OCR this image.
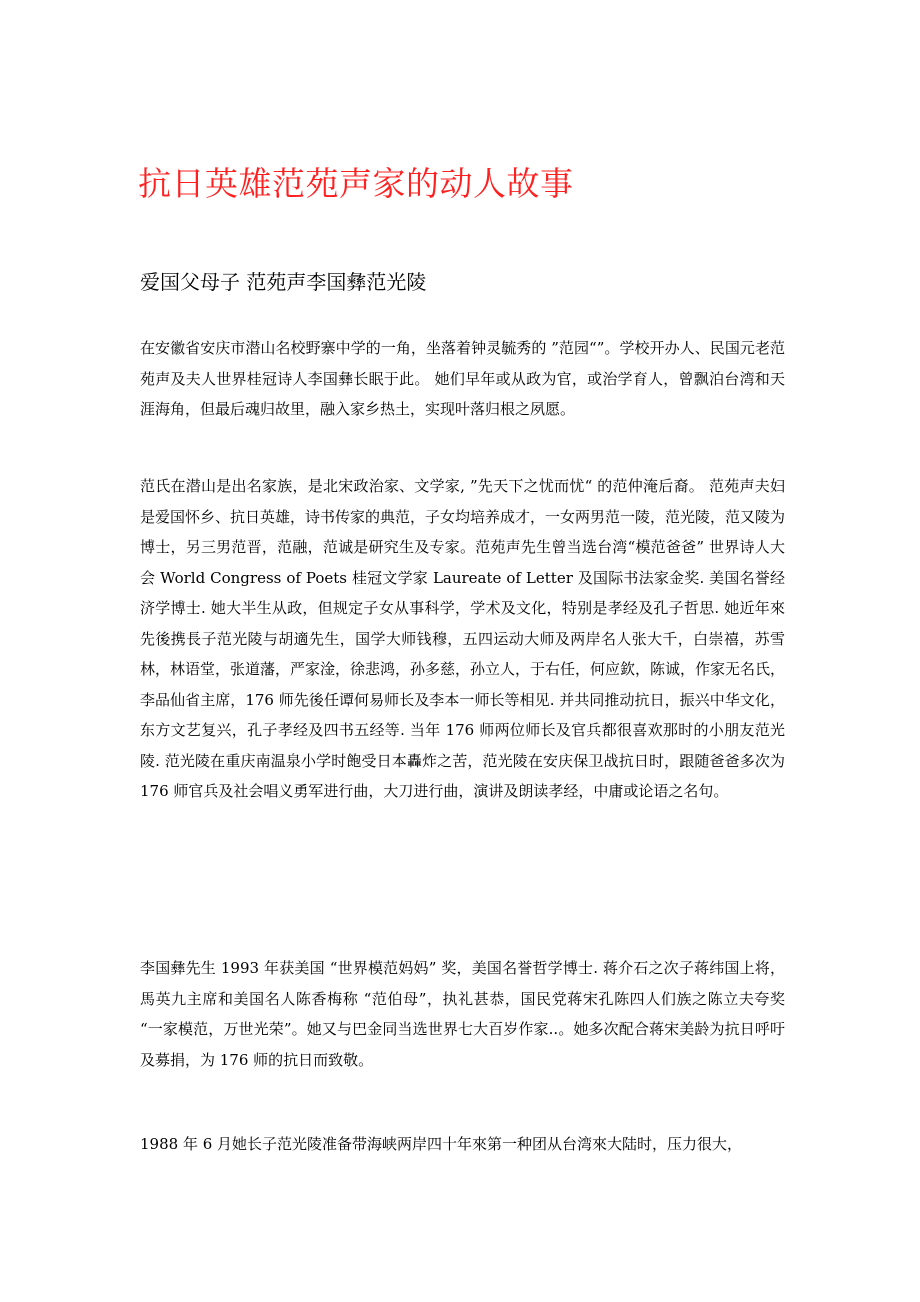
抗日英雄范苑声家的动人故事
爱国父母子 范苑声李国彝范光陵

在安徽省安庆市潜山名校野寨中学的一角，坐落着钟灵毓秀的 ”范园“”。学校开办人、民国元老范苑声及夫人世界桂冠诗人李国彝长眠于此。 她们早年或从政为官，或治学育人，曾飘泊台湾和天涯海角，但最后魂归故里，融入家乡热土，实现叶落归根之夙愿。

范氏在潜山是出名家族，是北宋政治家、文学家, ”先天下之忧而忧“ 的范仲淹后裔。 范苑声夫妇是爱国怀乡、抗日英雄，诗书传家的典范，子女均培养成才，一女两男范一陵，范光陵，范又陵为博士，另三男范晋，范融，范诚是研究生及专家。范苑声先生曾当选台湾“模范爸爸” 世界诗人大会 World Congress of Poets 桂冠文学家 Laureate of Letter 及国际书法家金奖. 美国名誉经济学博士. 她大半生从政，但规定子女从事科学，学术及文化，特别是孝经及孔子哲思. 她近年來先後携長子范光陵与胡適先生，国学大师钱穆，五四运动大师及两岸名人张大千，白崇禧，苏雪林，林语堂，张道藩，严家淦，徐悲鸿，孙多慈，孙立人，于右任，何应欽，陈诚，作家无名氏，李品仙省主席，176 师先後任谭何易师长及李本一师长等相见. 并共同推动抗日，振兴中华文化，东方文艺复兴，孔子孝经及四书五经等. 当年 176 师两位师长及官兵都很喜欢那时的小朋友范光陵. 范光陵在重庆南温泉小学时飽受日本轟炸之苦，范光陵在安庆保卫战抗日时，跟随爸爸多次为 176 师官兵及社会唱义勇军进行曲，大刀进行曲，演讲及朗读孝经，中庸或论语之名句。

李国彝先生 1993 年获美国 “世界模范妈妈” 奖，美国名誉哲学博士. 蒋介石之次子蒋纬国上将，馬英九主席和美国名人陈香梅称 “范伯母”，执礼甚恭，国民党蒋宋孔陈四人们族之陈立夫夸奖 “一家模范，万世光荣”。她又与巴金同当选世界七大百岁作家..。她多次配合蒋宋美龄为抗日呼吁及募捐，为 176 师的抗日而致敬。

1988 年 6 月她长子范光陵准备带海峡两岸四十年來第一种团从台湾來大陆时，压力很大，
